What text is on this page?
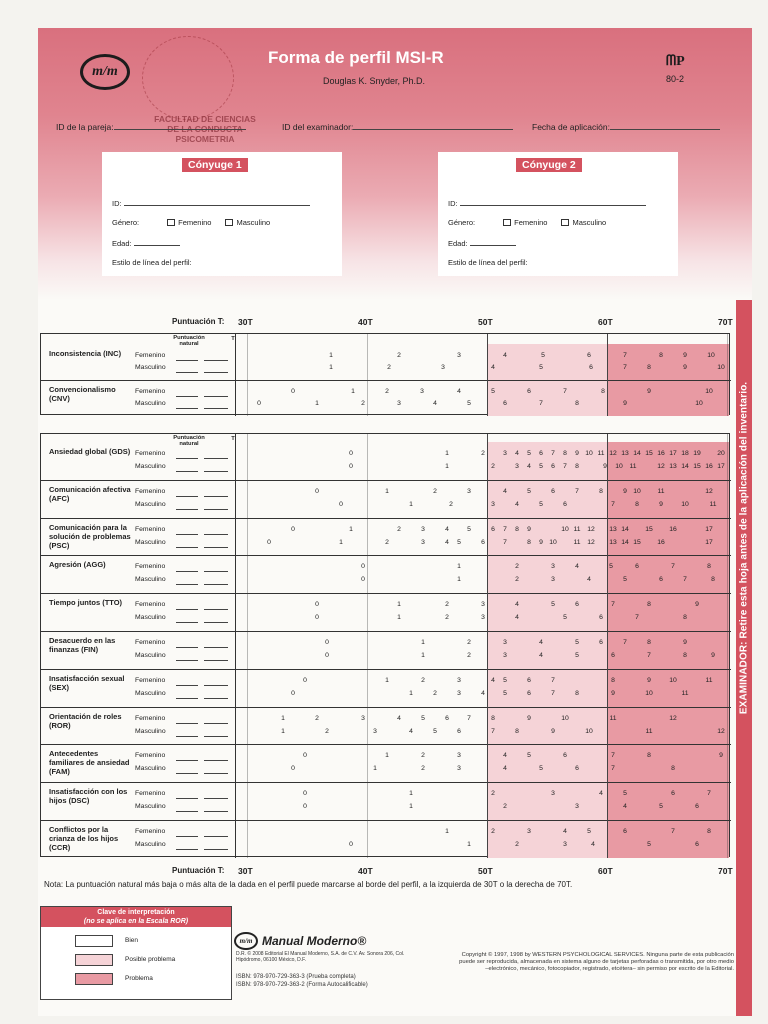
EXAMINADOR: Retire esta hoja antes de la aplicación del inventario.
m/m
FACULTAD DE CIENCIAS DE LA CONDUCTA PSICOMETRIA
Forma de perfil MSI-R
Douglas K. Snyder, Ph.D.
ᗰP
80-2
ID de la pareja:	ID del examinador:	Fecha de aplicación:
Cónyuge 1
ID:
Género:	Femenino	Masculino
Edad:
Estilo de línea del perfil:
Cónyuge 2
ID:
Género:	Femenino	Masculino
Edad:
Estilo de línea del perfil:
Puntuación T:
Puntuación natural
T
Inconsistencia (INC)	Femenino	1	2	3	4	5	6	7	8	9	10
Masculino	1	2	3	4	5	6	7	8	9	10
Convencionalismo (CNV)
Femenino	0	1	2	3	4	5	6	7	8	9	10
Masculino	0	1	2	3	4	5	6	7	8	9	10
Puntuación natural
T
Ansiedad global (GDS) Femenino	0	1	2	3 4 5 6 7 8 9 10 11 12 13 14 15 16 17 18 19 20
Masculino	0	1	2	3 4 5 6 7 8	9 10 11	12 13 14 15 16 17
Comunicación afectiva (AFC)
Femenino	0	1	2	3	4	5	6	7	8	9 10 11	12
Masculino	0	1	2	3	4	5	6	7	8	9	10	11
Comunicación para la solución de problemas (PSC)
Femenino	0	1	2	3	4	5	6 7 8 9	10 11 12 13 14 15 16	17
Masculino	0	1	2	3	4 5	6	7	8 9 10 11 12 13 14 15 16	17
Agresión (AGG)	Femenino	0	1	2	3	4	5	6	7	8
Masculino	0	1	2	3	4	5	6	7	8
Tiempo juntos (TTO)	Femenino	0	1	2	3	4	5	6	7	8	9
Masculino	0	1	2	3	4	5	6	7	8
Desacuerdo en las finanzas (FIN)
Femenino	0	1	2	3	4	5	6	7	8	9
Masculino	0	1	2	3	4	5	6	7	8	9
Insatisfacción sexual (SEX)
Femenino	0	1	2	3	4 5	6	7	8	9	10	11
Masculino	0	1	2	3	4	5	6	7	8	9	10	11
Orientación de roles (ROR)
Femenino	1	2	3	4	5	6	7	8	9	10	11	12
Masculino	1	2	3	4	5	6	7	8	9	10	11	12
Antecedentes familiares de ansiedad (FAM)
Femenino	0	1	2	3	4	5	6	7	8	9
Masculino	0	1	2	3	4	5	6	7	8
Insatisfacción con los hijos (DSC)
Femenino	0	1	2	3	4	5	6	7
Masculino	0	1	2	3	4	5	6
Conflictos por la crianza de los hijos (CCR)
Femenino	1	2	3	4	5	6	7	8
Masculino	0	1	2	3	4	5	6
Puntuación T:
Nota: La puntuación natural más baja o más alta de la dada en el perfil puede marcarse al borde del perfil, a la izquierda de 30T o la derecha de 70T.
Clave de interpretación
(no se aplica en la Escala ROR)
Bien
Posible problema
Problema
m/m Manual Moderno®
D.R. © 2008 Editorial El Manual Moderno, S.A. de C.V. Av. Sonora 206, Col. Hipódromo, 06100 México, D.F.
ISBN: 978-970-729-363-3 (Prueba completa)
ISBN: 978-970-729-363-2 (Forma Autocalificable)
Copyright © 1997, 1998 by WESTERN PSYCHOLOGICAL SERVICES. Ninguna parte de esta publicación puede ser reproducida, almacenada en sistema alguno de tarjetas perforadas o transmitida, por otro medio –electrónico, mecánico, fotocopiador, registrado, etcétera– sin permiso por escrito de la Editorial.
30T	40T	50T	60T	70T
30T	40T	50T	60T	70T
